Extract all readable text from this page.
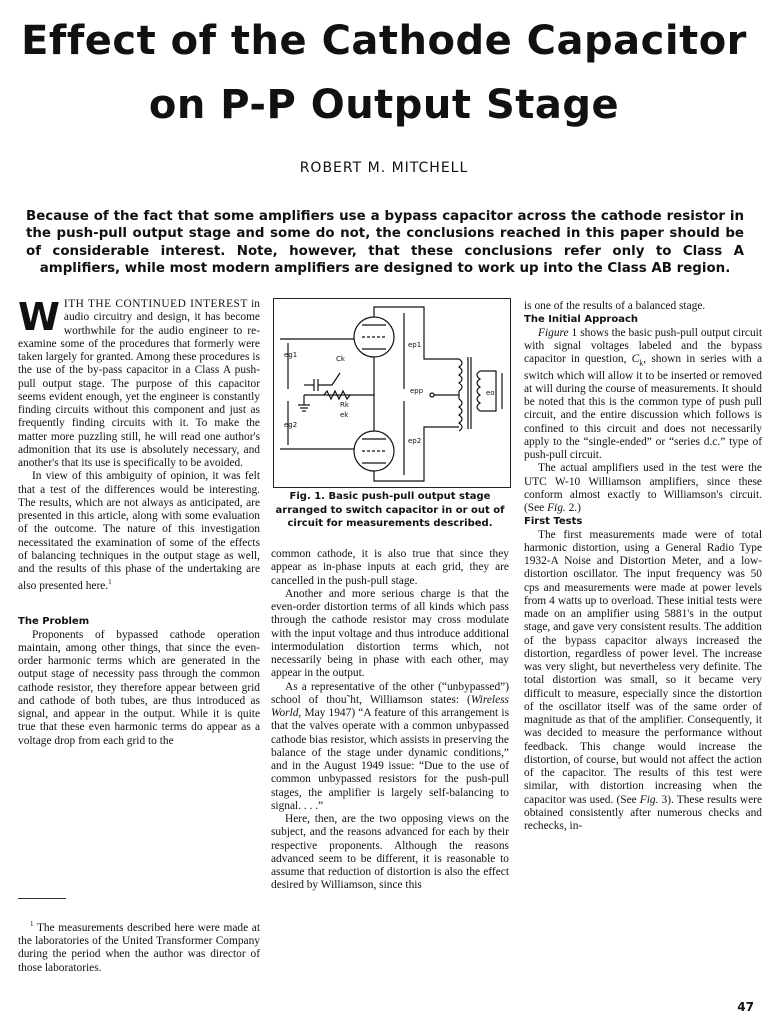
Effect of the Cathode Capacitor
on P-P Output Stage
ROBERT M. MITCHELL
Because of the fact that some amplifiers use a bypass capacitor across the cathode resistor in the push-pull output stage and some do not, the conclusions reached in this paper should be of considerable interest. Note, however, that these conclusions refer only to Class A amplifiers, while most modern amplifiers are designed to work up into the Class AB region.

WITH THE CONTINUED INTEREST in audio circuitry and design, it has become worthwhile for the audio engineer to re-examine some of the procedures that formerly were taken largely for granted. Among these procedures is the use of the by-pass capacitor in a Class A push-pull output stage. The purpose of this capacitor seems evident enough, yet the engineer is constantly finding circuits without this component and just as frequently finding circuits with it. To make the matter more puzzling still, he will read one author's admonition that its use is absolutely necessary, and another's that its use is specifically to be avoided.

In view of this ambiguity of opinion, it was felt that a test of the differences would be interesting. The results, which are not always as anticipated, are presented in this article, along with some evaluation of the outcome. The nature of this investigation necessitated the examination of some of the effects of balancing techniques in the output stage as well, and the results of this phase of the undertaking are also presented here.$^1$

The Problem

Proponents of bypassed cathode operation maintain, among other things, that since the even-order harmonic terms which are generated in the output stage of necessity pass through the common cathode resistor, they therefore appear between grid and cathode of both tubes, are thus introduced as signal, and appear in the output. While it is quite true that these even harmonic terms do appear as a voltage drop from each grid to the

$^1$ The measurements described here were made at the laboratories of the United Transformer Company during the period when the author was director of those laboratories.
eg1	Ck
Rk
ek
eg2
ep1
epp
ep2
eo
Fig. 1. Basic push-pull output stage arranged to switch capacitor in or out of circuit for measurements described.

common cathode, it is also true that since they appear as in-phase inputs at each grid, they are cancelled in the push-pull stage.

Another and more serious charge is that the even-order distortion terms of all kinds which pass through the cathode resistor may cross modulate with the input voltage and thus introduce additional intermodulation distortion terms which, not necessarily being in phase with each other, may appear in the output.

As a representative of the other (“unbypassed”) school of thou˜ht, Williamson states: (Wireless World, May 1947) “A feature of this arrangement is that the valves operate with a common unbypassed cathode bias resistor, which assists in preserving the balance of the stage under dynamic conditions,” and in the August 1949 issue: “Due to the use of common unbypassed resistors for the push-pull stages, the amplifier is largely self-balancing to signal. . . .”

Here, then, are the two opposing views on the subject, and the reasons advanced for each by their respective proponents. Although the reasons advanced seem to be different, it is reasonable to assume that reduction of distortion is also the effect desired by Williamson, since this

is one of the results of a balanced stage.

The Initial Approach

Figure 1 shows the basic push-pull output circuit with signal voltages labeled and the bypass capacitor in question, $C_k$, shown in series with a switch which will allow it to be inserted or removed at will during the course of measurements. It should be noted that this is the common type of push pull circuit, and the entire discussion which follows is confined to this circuit and does not necessarily apply to the “single-ended” or “series d.c.” type of push-pull circuit.

The actual amplifiers used in the test were the UTC W-10 Williamson amplifiers, since these conform almost exactly to Williamson's circuit. (See Fig. 2.)

First Tests

The first measurements made were of total harmonic distortion, using a General Radio Type 1932-A Noise and Distortion Meter, and a low-distortion oscillator. The input frequency was 50 cps and measurements were made at power levels from 4 watts up to overload. These initial tests were made on an amplifier using 5881's in the output stage, and gave very consistent results. The addition of the bypass capacitor always increased the distortion, regardless of power level. The increase was very slight, but nevertheless very definite. The total distortion was small, so it became very difficult to measure, especially since the distortion of the oscillator itself was of the same order of magnitude as that of the amplifier. Consequently, it was decided to measure the performance without feedback. This change would increase the distortion, of course, but would not affect the action of the capacitor. The results of this test were similar, with distortion increasing when the capacitor was used. (See Fig. 3). These results were obtained consistently after numerous checks and rechecks, in-

47
